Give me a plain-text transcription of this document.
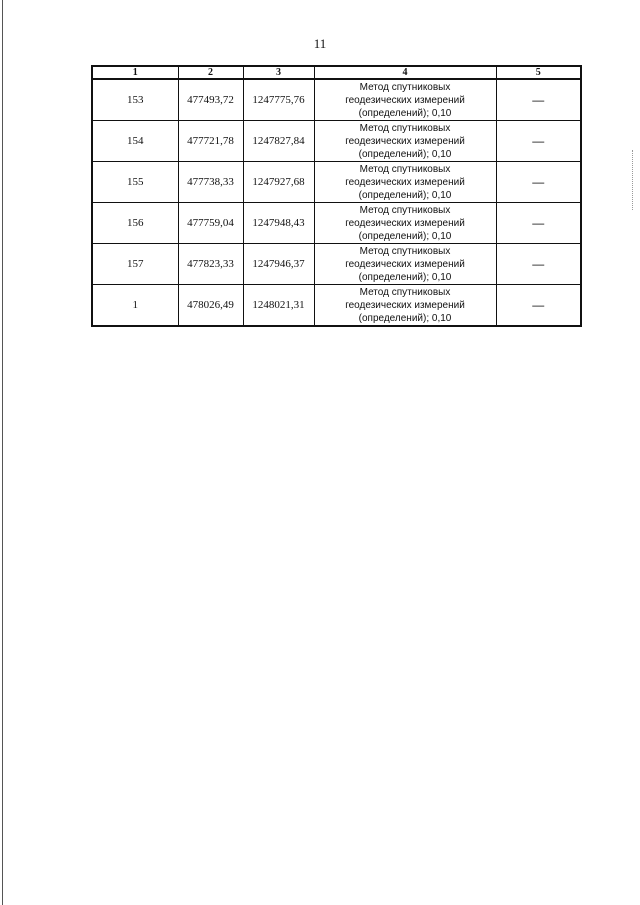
11
1	2	3	4	5
153	477493,72	1247775,76	Метод спутниковых
геодезических измерений
(определений); 0,10	—
154	477721,78	1247827,84	Метод спутниковых
геодезических измерений
(определений); 0,10	—
155	477738,33	1247927,68	Метод спутниковых
геодезических измерений
(определений); 0,10	—
156	477759,04	1247948,43	Метод спутниковых
геодезических измерений
(определений); 0,10	—
157	477823,33	1247946,37	Метод спутниковых
геодезических измерений
(определений); 0,10	—
1	478026,49	1248021,31	Метод спутниковых
геодезических измерений
(определений); 0,10	—
